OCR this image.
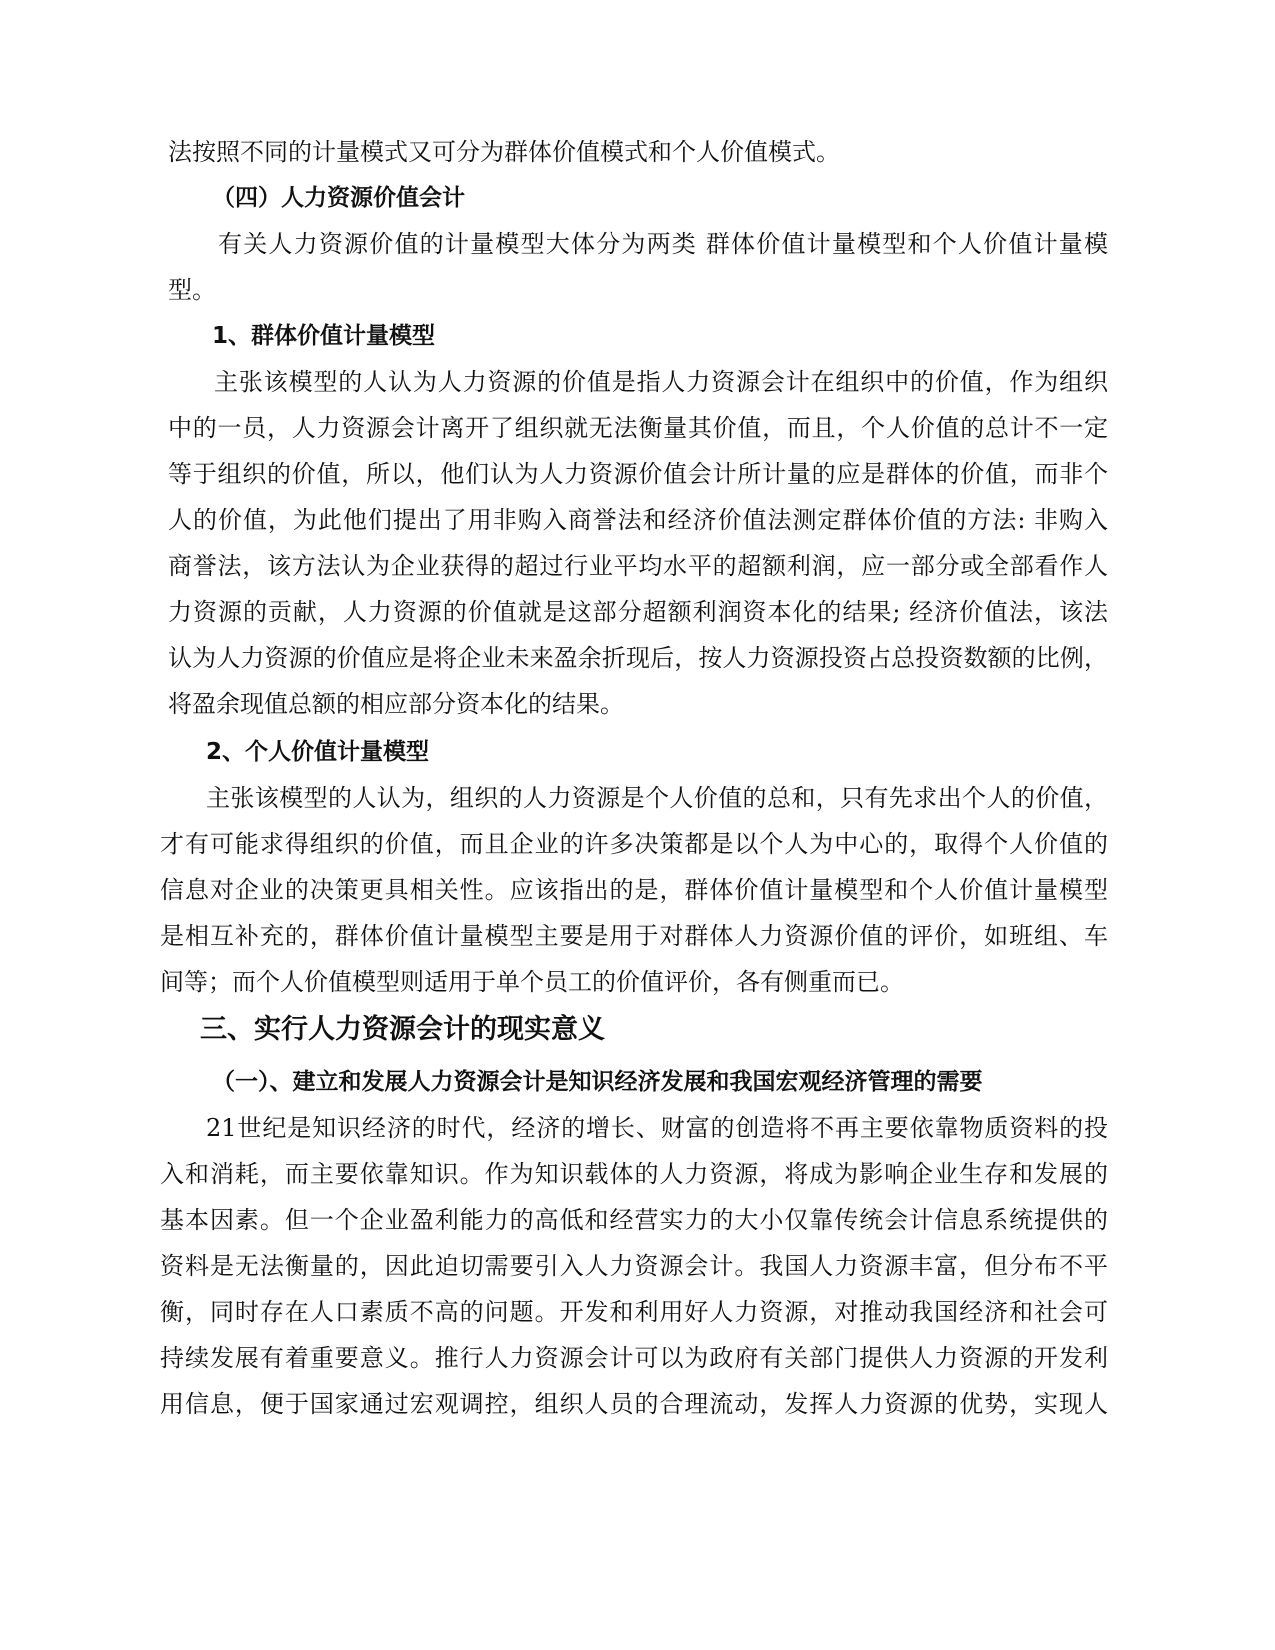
法按照不同的计量模式又可分为群体价值模式和个人价值模式。
（四）人力资源价值会计
有关人力资源价值的计量模型大体分为两类 群体价值计量模型和个人价值计量模
型。
1、群体价值计量模型
主张该模型的人认为人力资源的价值是指人力资源会计在组织中的价值，作为组织
中的一员，人力资源会计离开了组织就无法衡量其价值，而且，个人价值的总计不一定
等于组织的价值，所以，他们认为人力资源价值会计所计量的应是群体的价值，而非个
人的价值，为此他们提出了用非购入商誉法和经济价值法测定群体价值的方法: 非购入
商誉法，该方法认为企业获得的超过行业平均水平的超额利润，应一部分或全部看作人
力资源的贡献，人力资源的价值就是这部分超额利润资本化的结果; 经济价值法，该法
认为人力资源的价值应是将企业未来盈余折现后，按人力资源投资占总投资数额的比例，
将盈余现值总额的相应部分资本化的结果。
2、个人价值计量模型
主张该模型的人认为，组织的人力资源是个人价值的总和，只有先求出个人的价值，
才有可能求得组织的价值，而且企业的许多决策都是以个人为中心的，取得个人价值的
信息对企业的决策更具相关性。应该指出的是，群体价值计量模型和个人价值计量模型
是相互补充的，群体价值计量模型主要是用于对群体人力资源价值的评价，如班组、车
间等；而个人价值模型则适用于单个员工的价值评价，各有侧重而已。
三、实行人力资源会计的现实意义
（一）、建立和发展人力资源会计是知识经济发展和我国宏观经济管理的需要
21世纪是知识经济的时代，经济的增长、财富的创造将不再主要依靠物质资料的投
入和消耗，而主要依靠知识。作为知识载体的人力资源，将成为影响企业生存和发展的
基本因素。但一个企业盈利能力的高低和经营实力的大小仅靠传统会计信息系统提供的
资料是无法衡量的，因此迫切需要引入人力资源会计。我国人力资源丰富，但分布不平
衡，同时存在人口素质不高的问题。开发和利用好人力资源，对推动我国经济和社会可
持续发展有着重要意义。推行人力资源会计可以为政府有关部门提供人力资源的开发利
用信息，便于国家通过宏观调控，组织人员的合理流动，发挥人力资源的优势，实现人
